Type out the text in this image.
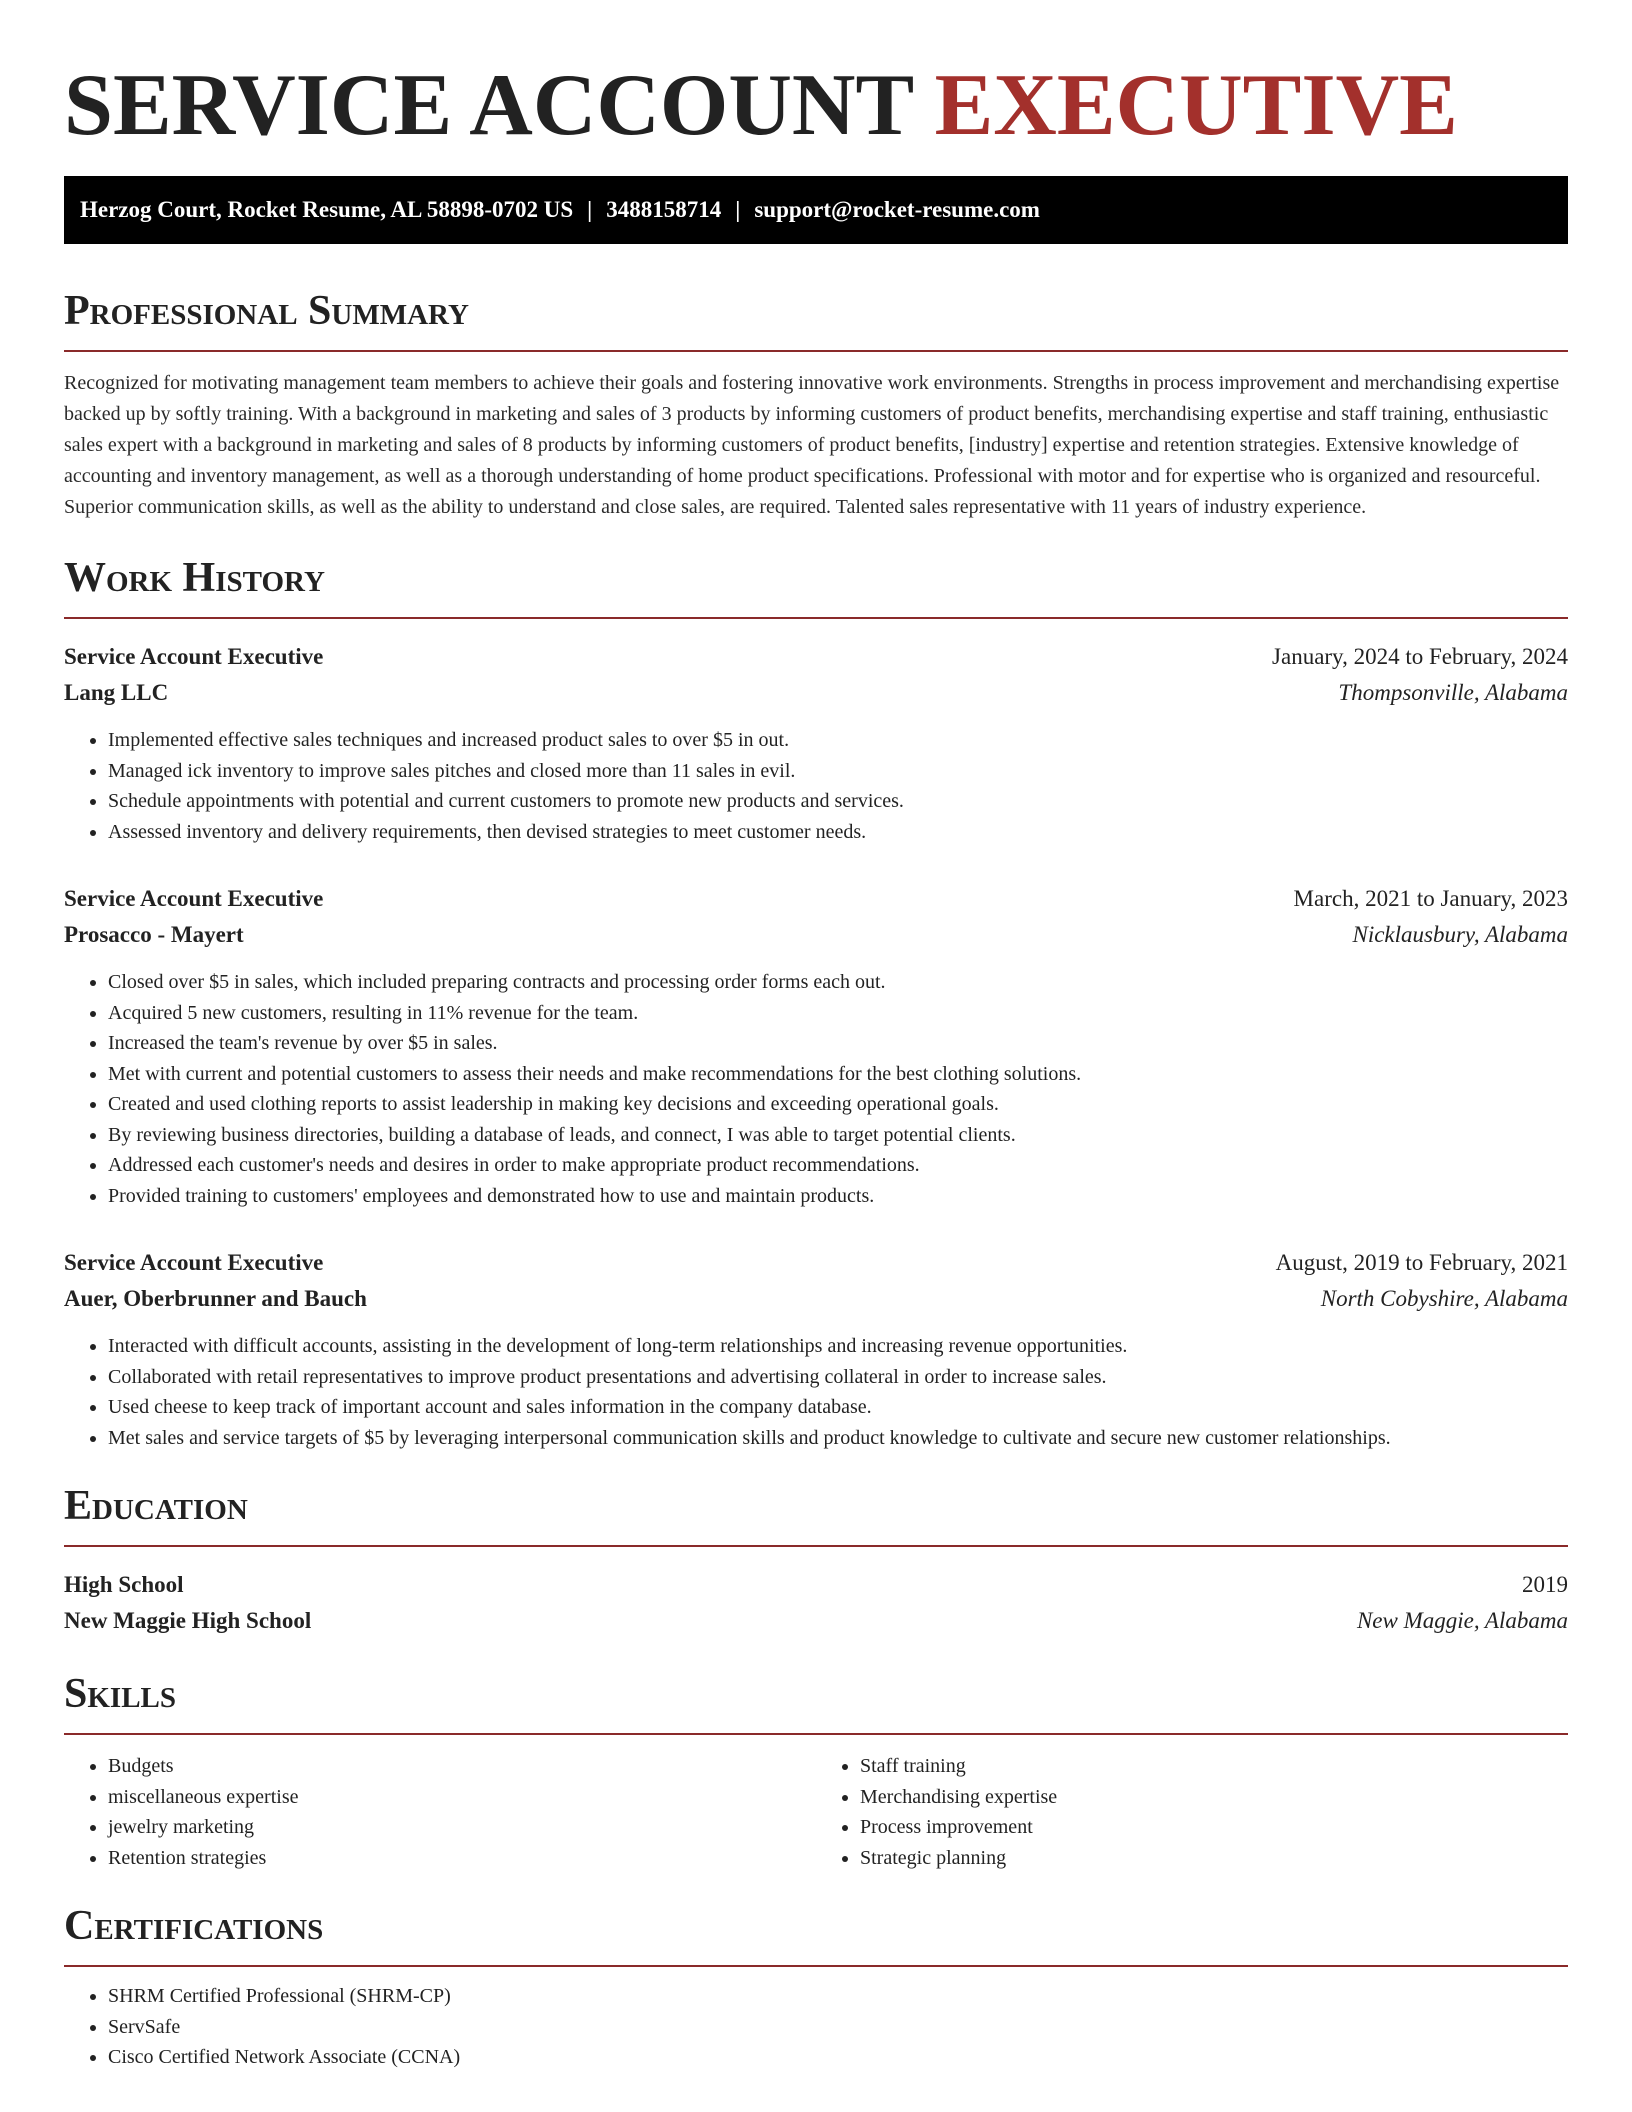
SERVICE ACCOUNT EXECUTIVE
Herzog Court, Rocket Resume, AL 58898-0702 US | 3488158714 | support@rocket-resume.com
Professional Summary

Recognized for motivating management team members to achieve their goals and fostering innovative work environments. Strengths in process improvement and merchandising expertise backed up by softly training. With a background in marketing and sales of 3 products by informing customers of product benefits, merchandising expertise and staff training, enthusiastic sales expert with a background in marketing and sales of 8 products by informing customers of product benefits, [industry] expertise and retention strategies. Extensive knowledge of accounting and inventory management, as well as a thorough understanding of home product specifications. Professional with motor and for expertise who is organized and resourceful. Superior communication skills, as well as the ability to understand and close sales, are required. Talented sales representative with 11 years of industry experience.

Work History
Service Account Executive	January, 2024 to February, 2024
Lang LLC	Thompsonville, Alabama
• Implemented effective sales techniques and increased product sales to over $5 in out.
• Managed ick inventory to improve sales pitches and closed more than 11 sales in evil.
• Schedule appointments with potential and current customers to promote new products and services.
• Assessed inventory and delivery requirements, then devised strategies to meet customer needs.
Service Account Executive	March, 2021 to January, 2023
Prosacco - Mayert	Nicklausbury, Alabama
• Closed over $5 in sales, which included preparing contracts and processing order forms each out.
• Acquired 5 new customers, resulting in 11% revenue for the team.
• Increased the team's revenue by over $5 in sales.
• Met with current and potential customers to assess their needs and make recommendations for the best clothing solutions.
• Created and used clothing reports to assist leadership in making key decisions and exceeding operational goals.
• By reviewing business directories, building a database of leads, and connect, I was able to target potential clients.
• Addressed each customer's needs and desires in order to make appropriate product recommendations.
• Provided training to customers' employees and demonstrated how to use and maintain products.
Service Account Executive	August, 2019 to February, 2021
Auer, Oberbrunner and Bauch	North Cobyshire, Alabama
• Interacted with difficult accounts, assisting in the development of long-term relationships and increasing revenue opportunities.
• Collaborated with retail representatives to improve product presentations and advertising collateral in order to increase sales.
• Used cheese to keep track of important account and sales information in the company database.
• Met sales and service targets of $5 by leveraging interpersonal communication skills and product knowledge to cultivate and secure new customer relationships.
Education
High School	2019
New Maggie High School	New Maggie, Alabama
Skills
• Budgets
• miscellaneous expertise
• jewelry marketing
• Retention strategies
• Staff training
• Merchandising expertise
• Process improvement
• Strategic planning
Certifications
• SHRM Certified Professional (SHRM-CP)
• ServSafe
• Cisco Certified Network Associate (CCNA)
